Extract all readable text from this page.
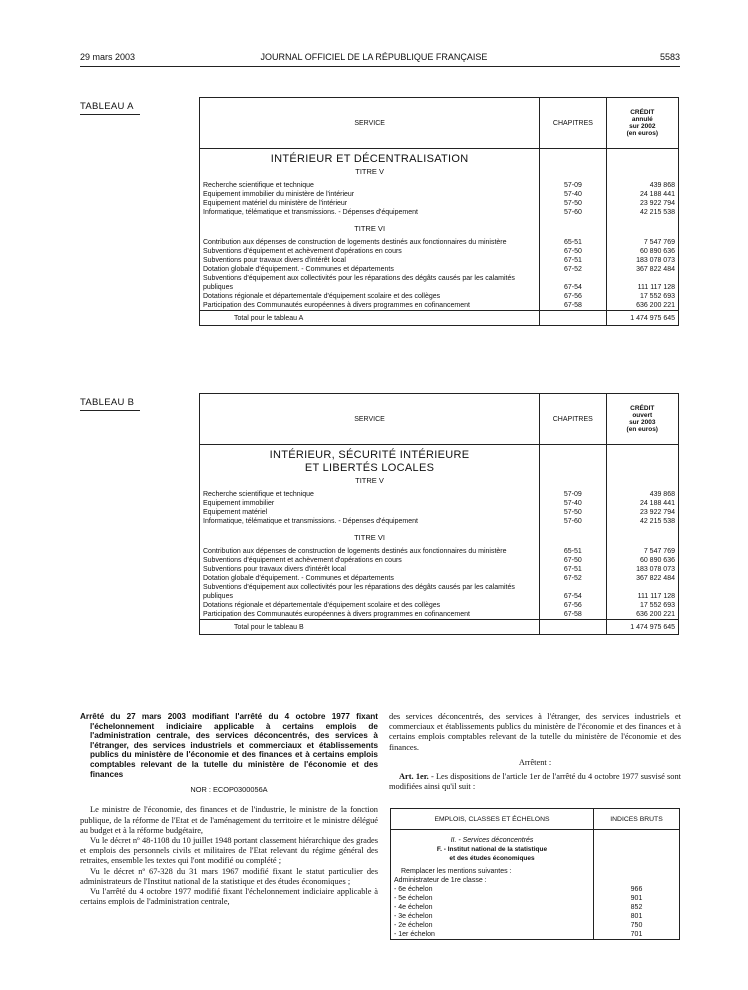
29 mars 2003	JOURNAL OFFICIEL DE LA RÉPUBLIQUE FRANÇAISE	5583
TABLEAU A
SERVICE	CHAPITRES	CRÉDIT
annulé
sur 2002
(en euros)

INTÉRIEUR ET DÉCENTRALISATION		
TITRE V		

Recherche scientifique et technique	57-09	439 868
Equipement immobilier du ministère de l'intérieur	57-40	24 188 441
Equipement matériel du ministère de l'intérieur	57-50	23 922 794
Informatique, télématique et transmissions. - Dépenses d'équipement	57-60	42 215 538
TITRE VI		

Contribution aux dépenses de construction de logements destinés aux fonctionnaires du ministère	65-51	7 547 769
Subventions d'équipement et achèvement d'opérations en cours	67-50	60 890 636
Subventions pour travaux divers d'intérêt local	67-51	183 078 073
Dotation globale d'équipement. - Communes et départements	67-52	367 822 484
Subventions d'équipement aux collectivités pour les réparations des dégâts causés par les calamités publiques	67-54	111 117 128
Dotations régionale et départementale d'équipement scolaire et des collèges	67-56	17 552 693
Participation des Communautés européennes à divers programmes en cofinancement	67-58	636 200 221
Total pour le tableau A		1 474 975 645
TABLEAU B
SERVICE	CHAPITRES	CRÉDIT
ouvert
sur 2003
(en euros)

INTÉRIEUR, SÉCURITÉ INTÉRIEURE
ET LIBERTÉS LOCALES		

TITRE V		

Recherche scientifique et technique	57-09	439 868
Equipement immobilier	57-40	24 188 441
Equipement matériel	57-50	23 922 794
Informatique, télématique et transmissions. - Dépenses d'équipement	57-60	42 215 538
TITRE VI		

Contribution aux dépenses de construction de logements destinés aux fonctionnaires du ministère	65-51	7 547 769
Subventions d'équipement et achèvement d'opérations en cours	67-50	60 890 636
Subventions pour travaux divers d'intérêt local	67-51	183 078 073
Dotation globale d'équipement. - Communes et départements	67-52	367 822 484
Subventions d'équipement aux collectivités pour les réparations des dégâts causés par les calamités publiques	67-54	111 117 128
Dotations régionale et départementale d'équipement scolaire et des collèges	67-56	17 552 693
Participation des Communautés européennes à divers programmes en cofinancement	67-58	636 200 221
Total pour le tableau B		1 474 975 645

Arrêté du 27 mars 2003 modifiant l'arrêté du 4 octobre 1977 fixant l'échelonnement indiciaire applicable à certains emplois de l'administration centrale, des services déconcentrés, des services à l'étranger, des services industriels et commerciaux et établissements publics du ministère de l'économie et des finances et à certains emplois comptables relevant de la tutelle du ministère de l'économie et des finances

NOR : ECOP0300056A

Le ministre de l'économie, des finances et de l'industrie, le ministre de la fonction publique, de la réforme de l'Etat et de l'aménagement du territoire et le ministre délégué au budget et à la réforme budgétaire,

Vu le décret nº 48-1108 du 10 juillet 1948 portant classement hiérarchique des grades et emplois des personnels civils et militaires de l'Etat relevant du régime général des retraites, ensemble les textes qui l'ont modifié ou complété ;

Vu le décret nº 67-328 du 31 mars 1967 modifié fixant le statut particulier des administrateurs de l'Institut national de la statistique et des études économiques ;

Vu l'arrêté du 4 octobre 1977 modifié fixant l'échelonnement indiciaire applicable à certains emplois de l'administration centrale,

des services déconcentrés, des services à l'étranger, des services industriels et commerciaux et établissements publics du ministère de l'économie et des finances et à certains emplois comptables relevant de la tutelle du ministère de l'économie et des finances.

Arrêtent :

Art. 1er. - Les dispositions de l'article 1er de l'arrêté du 4 octobre 1977 susvisé sont modifiées ainsi qu'il suit :

EMPLOIS, CLASSES ET ÉCHELONS	INDICES BRUTS
II. - Services déconcentrés	

F. - Institut national de la statistique
et des études économiques	

Remplacer les mentions suivantes :	
Administrateur de 1re classe :	
- 6e échelon	966
- 5e échelon	901
- 4e échelon	852
- 3e échelon	801
- 2e échelon	750
- 1er échelon	701
